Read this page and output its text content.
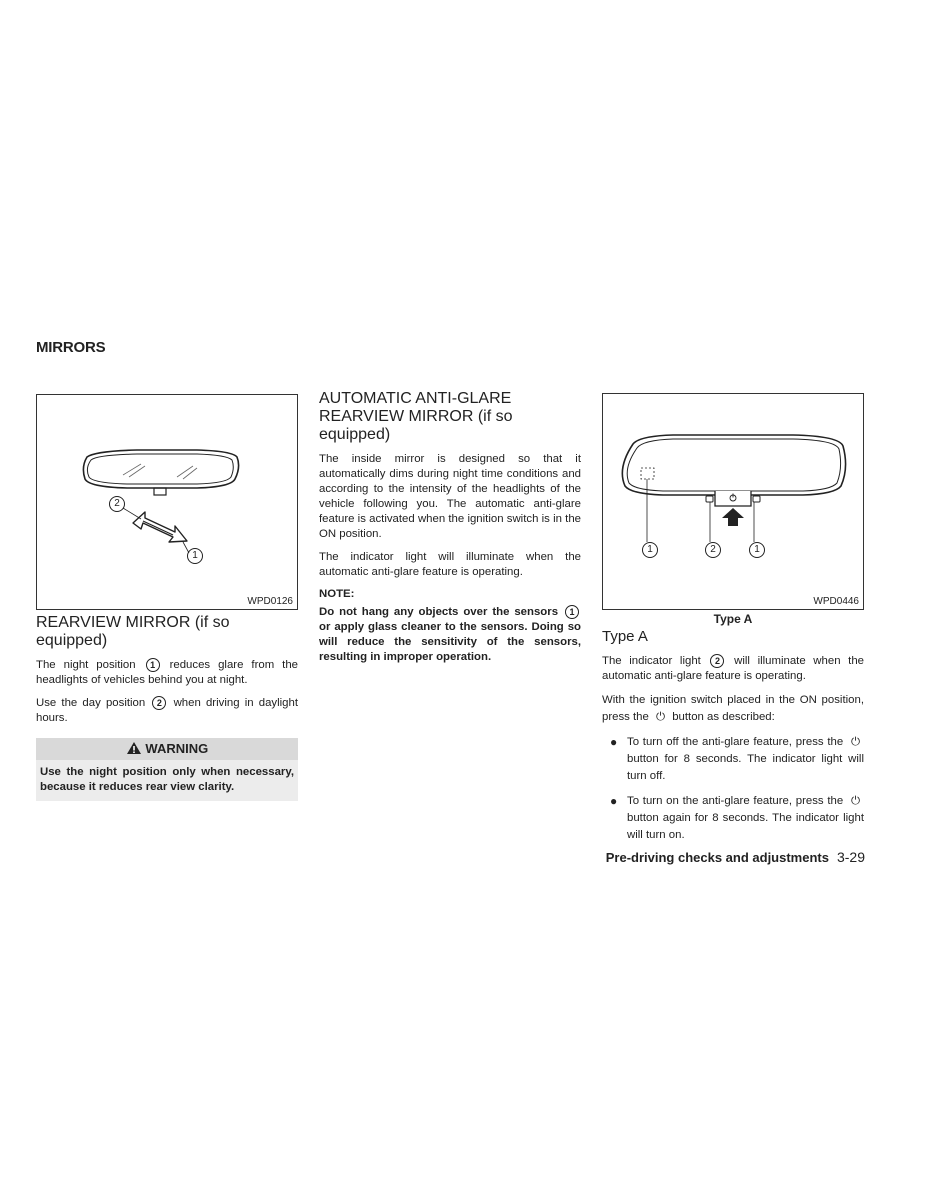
MIRRORS
2
1
WPD0126
REARVIEW MIRROR (if so equipped)

The night position 1 reduces glare from the headlights of vehicles behind you at night.

Use the day position 2 when driving in daylight hours.

WARNING
Use the night position only when necessary, because it reduces rear view clarity.
AUTOMATIC ANTI-GLARE
REARVIEW MIRROR (if so equipped)

The inside mirror is designed so that it automatically dims during night time conditions and according to the intensity of the headlights of the vehicle following you. The automatic anti-glare feature is activated when the ignition switch is in the ON position.

The indicator light will illuminate when the automatic anti-glare feature is operating.

NOTE:
Do not hang any objects over the sensors 1 or apply glass cleaner to the sensors. Doing so will reduce the sensitivity of the sensors, resulting in improper operation.
1	2	1
WPD0446
Type A
Type A

The indicator light 2 will illuminate when the automatic anti-glare feature is operating.

With the ignition switch placed in the ON position, press the ⏻ button as described:

● To turn off the anti-glare feature, press the ⏻ button for 8 seconds. The indicator light will turn off.
● To turn on the anti-glare feature, press the ⏻ button again for 8 seconds. The indicator light will turn on.
Pre-driving checks and adjustments 3-29
